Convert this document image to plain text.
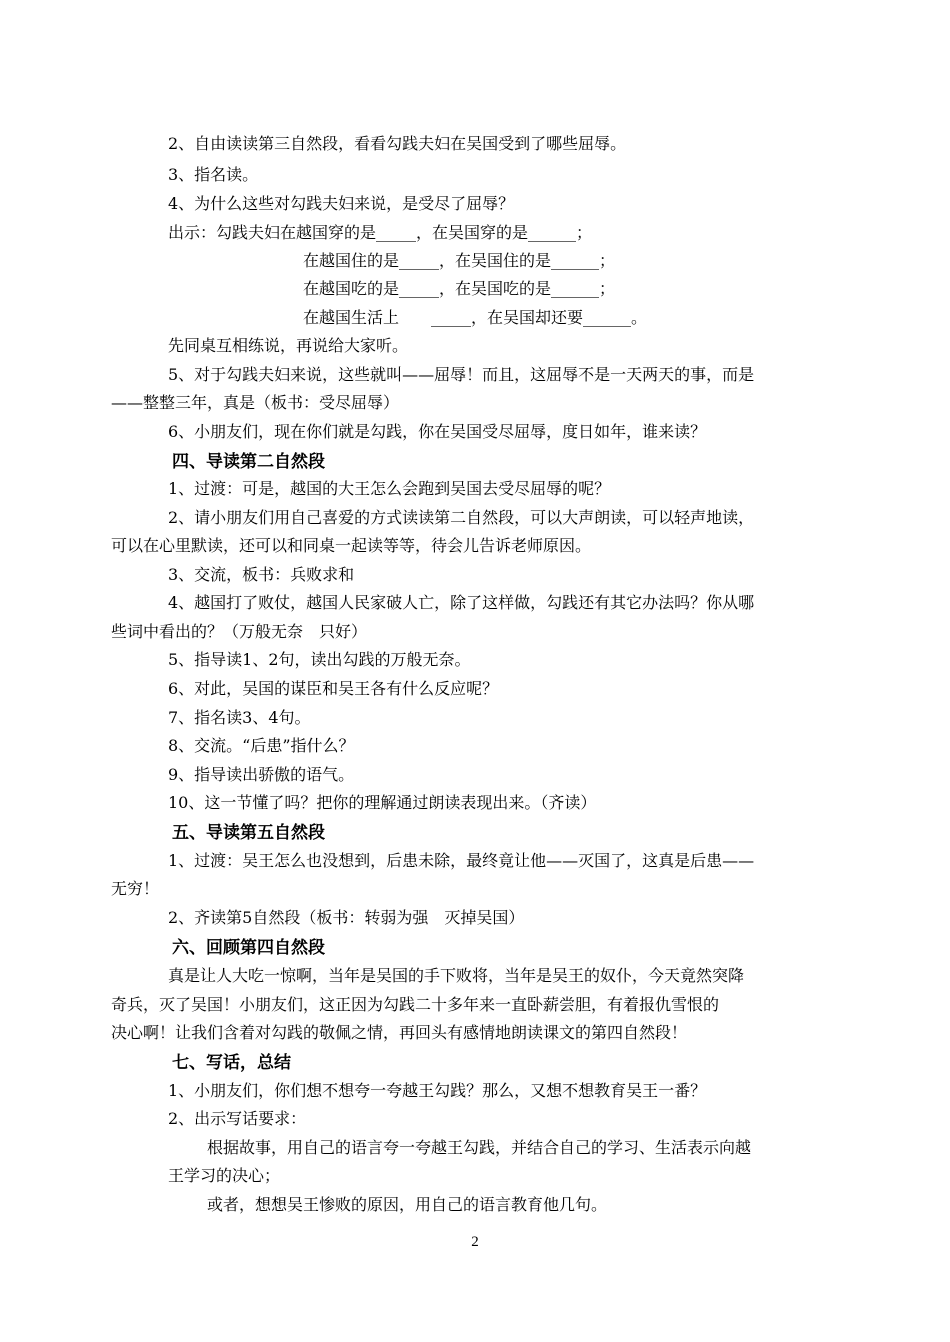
2、自由读读第三自然段，看看勾践夫妇在吴国受到了哪些屈辱。
3、指名读。
4、为什么这些对勾践夫妇来说，是受尽了屈辱？
出示：勾践夫妇在越国穿的是_____，在吴国穿的是______；
在越国住的是_____，在吴国住的是______；
在越国吃的是_____，在吴国吃的是______；
在越国生活上　　_____，在吴国却还要______。
先同桌互相练说，再说给大家听。
5、对于勾践夫妇来说，这些就叫——屈辱！而且，这屈辱不是一天两天的事，而是
——整整三年，真是（板书：受尽屈辱）
6、小朋友们，现在你们就是勾践，你在吴国受尽屈辱，度日如年，谁来读？
四、导读第二自然段
1、过渡：可是，越国的大王怎么会跑到吴国去受尽屈辱的呢？
2、请小朋友们用自己喜爱的方式读读第二自然段，可以大声朗读，可以轻声地读，
可以在心里默读，还可以和同桌一起读等等，待会儿告诉老师原因。
3、交流，板书：兵败求和
4、越国打了败仗，越国人民家破人亡，除了这样做，勾践还有其它办法吗？你从哪
些词中看出的？（万般无奈　只好）
5、指导读1、2句，读出勾践的万般无奈。
6、对此，吴国的谋臣和吴王各有什么反应呢？
7、指名读3、4句。
8、交流。“后患”指什么？
9、指导读出骄傲的语气。
10、这一节懂了吗？把你的理解通过朗读表现出来。（齐读）
五、导读第五自然段
1、过渡：吴王怎么也没想到，后患未除，最终竟让他——灭国了，这真是后患——
无穷！
2、齐读第5自然段（板书：转弱为强　灭掉吴国）
六、回顾第四自然段
真是让人大吃一惊啊，当年是吴国的手下败将，当年是吴王的奴仆，今天竟然突降
奇兵，灭了吴国！小朋友们，这正因为勾践二十多年来一直卧薪尝胆，有着报仇雪恨的
决心啊！让我们含着对勾践的敬佩之情，再回头有感情地朗读课文的第四自然段！
七、写话，总结
1、小朋友们，你们想不想夸一夸越王勾践？那么，又想不想教育吴王一番？
2、出示写话要求：
根据故事，用自己的语言夸一夸越王勾践，并结合自己的学习、生活表示向越
王学习的决心；
或者，想想吴王惨败的原因，用自己的语言教育他几句。
2
